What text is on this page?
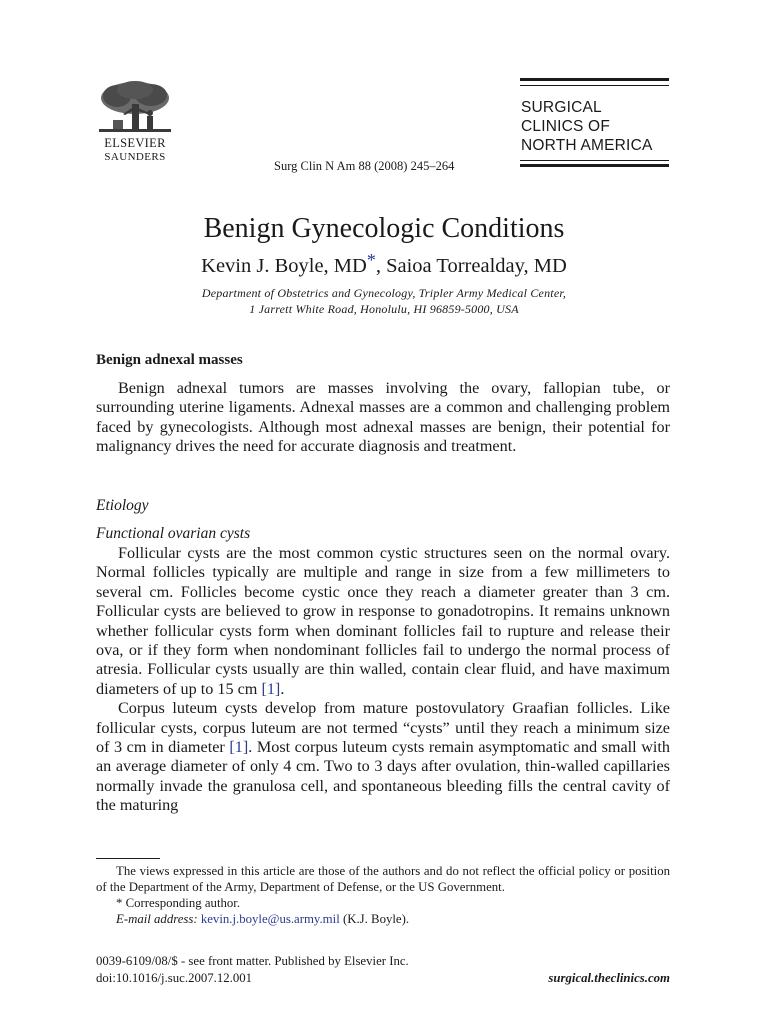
ELSEVIER
SAUNDERS
Surg Clin N Am 88 (2008) 245–264
SURGICAL
CLINICS OF
NORTH AMERICA
Benign Gynecologic Conditions
Kevin J. Boyle, MD*, Saioa Torrealday, MD
Department of Obstetrics and Gynecology, Tripler Army Medical Center,
1 Jarrett White Road, Honolulu, HI 96859-5000, USA
Benign adnexal masses

Benign adnexal tumors are masses involving the ovary, fallopian tube, or surrounding uterine ligaments. Adnexal masses are a common and challenging problem faced by gynecologists. Although most adnexal masses are benign, their potential for malignancy drives the need for accurate diagnosis and treatment.

Etiology
Functional ovarian cysts

Follicular cysts are the most common cystic structures seen on the normal ovary. Normal follicles typically are multiple and range in size from a few millimeters to several cm. Follicles become cystic once they reach a diameter greater than 3 cm. Follicular cysts are believed to grow in response to gonadotropins. It remains unknown whether follicular cysts form when dominant follicles fail to rupture and release their ova, or if they form when nondominant follicles fail to undergo the normal process of atresia. Follicular cysts usually are thin walled, contain clear fluid, and have maximum diameters of up to 15 cm [1].

Corpus luteum cysts develop from mature postovulatory Graafian follicles. Like follicular cysts, corpus luteum are not termed “cysts” until they reach a minimum size of 3 cm in diameter [1]. Most corpus luteum cysts remain asymptomatic and small with an average diameter of only 4 cm. Two to 3 days after ovulation, thin-walled capillaries normally invade the granulosa cell, and spontaneous bleeding fills the central cavity of the maturing

The views expressed in this article are those of the authors and do not reflect the official policy or position of the Department of the Army, Department of Defense, or the US Government.

* Corresponding author.

E-mail address: kevin.j.boyle@us.army.mil (K.J. Boyle).

0039-6109/08/$ - see front matter. Published by Elsevier Inc.
doi:10.1016/j.suc.2007.12.001	surgical.theclinics.com
